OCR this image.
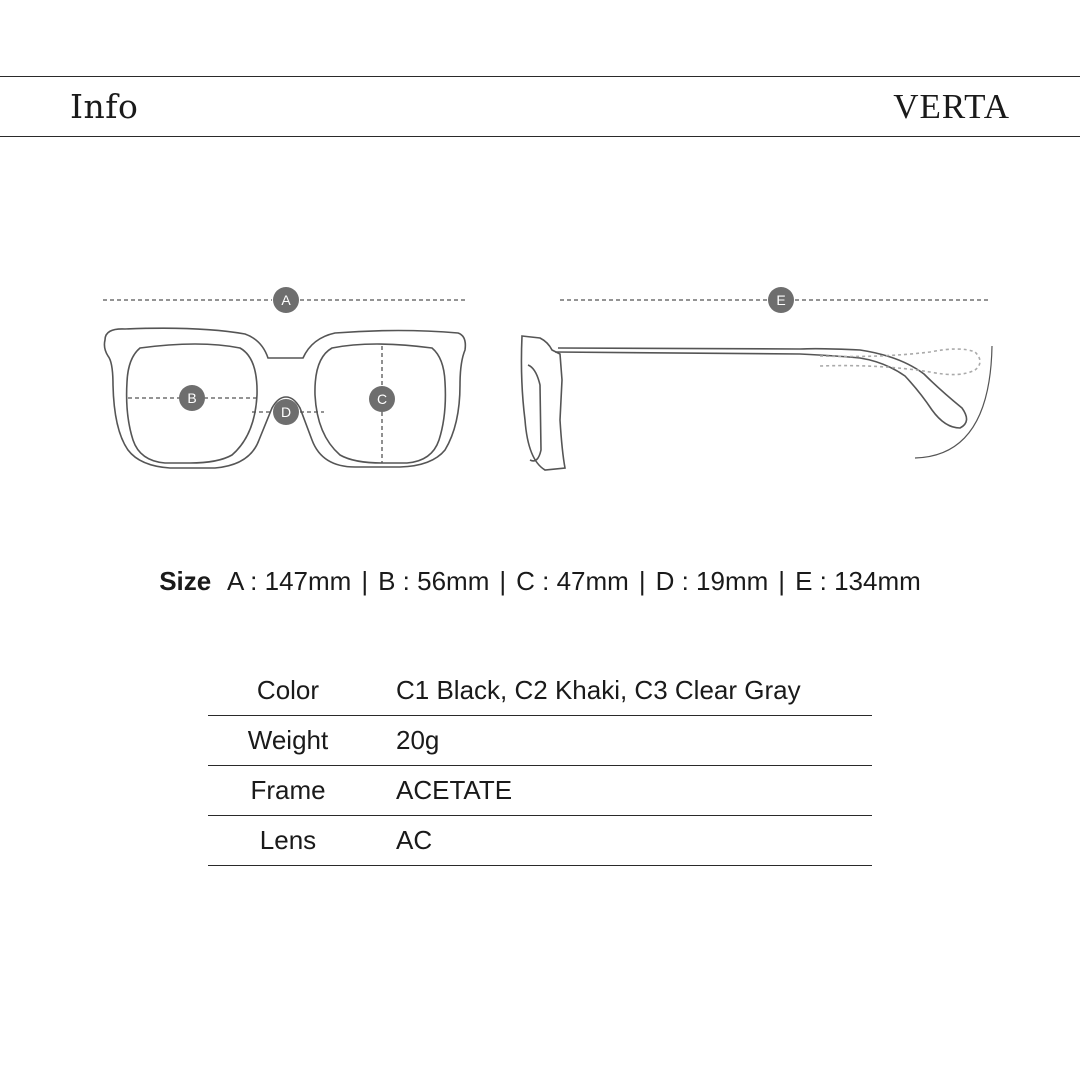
Info	VERTA
A
B	C
D
E
Size A : 147mm | B : 56mm | C : 47mm | D : 19mm | E : 134mm
Color	C1 Black, C2 Khaki, C3 Clear Gray
Weight	20g
Frame	ACETATE
Lens	AC
